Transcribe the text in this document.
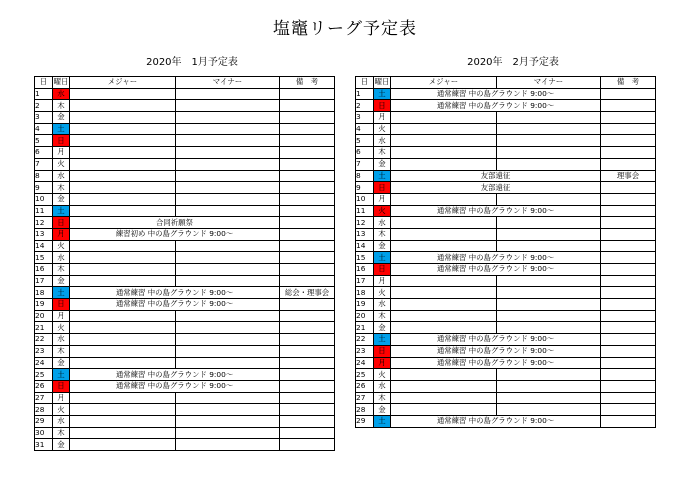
塩竈リーグ予定表
2020年　1月予定表	2020年　2月予定表
日	曜日	メジャー	マイナー	備　考
1	水			
2	木			
3	金			
4	土			
5	日			
6	月			
7	火			
8	水			
9	木			
10	金			
11	土			
12	日	合同祈願祭		
13	月	練習初め 中の島グラウンド 9:00～		
14	火			
15	水			
16	木			
17	金			
18	土	通常練習 中の島グラウンド 9:00～		総会・理事会
19	日	通常練習 中の島グラウンド 9:00～		
20	月			
21	火			
22	水			
23	木			
24	金			
25	土	通常練習 中の島グラウンド 9:00～		
26	日	通常練習 中の島グラウンド 9:00～		
27	月			
28	火			
29	水			
30	木			
31	金			
日	曜日	メジャー	マイナー	備　考
1	土	通常練習 中の島グラウンド 9:00～		
2	日	通常練習 中の島グラウンド 9:00～		
3	月			
4	火			
5	水			
6	木			
7	金			
8	土	友部遠征		理事会
9	日	友部遠征		
10	月			
11	火	通常練習 中の島グラウンド 9:00～		
12	水			
13	木			
14	金			
15	土	通常練習 中の島グラウンド 9:00～		
16	日	通常練習 中の島グラウンド 9:00～		
17	月			
18	火			
19	水			
20	木			
21	金			
22	土	通常練習 中の島グラウンド 9:00～		
23	日	通常練習 中の島グラウンド 9:00～		
24	月	通常練習 中の島グラウンド 9:00～		
25	火			
26	水			
27	木			
28	金			
29	土	通常練習 中の島グラウンド 9:00～		
